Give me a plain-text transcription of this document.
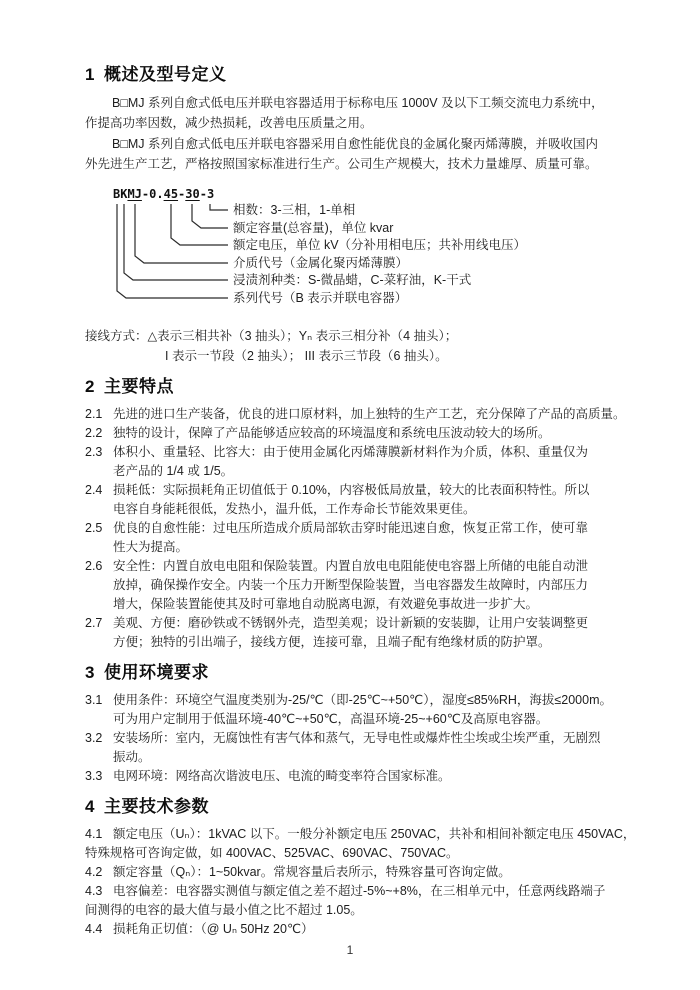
1 概述及型号定义
B□MJ 系列自愈式低电压并联电容器适用于标称电压 1000V 及以下工频交流电力系统中，
作提高功率因数，减少热损耗，改善电压质量之用。
B□MJ 系列自愈式低电压并联电容器采用自愈性能优良的金属化聚丙烯薄膜，并吸收国内
外先进生产工艺，严格按照国家标准进行生产。公司生产规模大，技术力量雄厚、质量可靠。
BKMJ-0.45-30-3
相数：3-三相，1-单相
额定容量(总容量)，单位 kvar
额定电压，单位 kV（分补用相电压；共补用线电压）
介质代号（金属化聚丙烯薄膜）
浸渍剂种类：S-微晶蜡，C-菜籽油，K-干式
系列代号（B 表示并联电容器）
接线方式：△表示三相共补（3 抽头）；Yₙ 表示三相分补（4 抽头）；
I 表示一节段（2 抽头）； III 表示三节段（6 抽头）。
2 主要特点
2.1 先进的进口生产装备，优良的进口原材料，加上独特的生产工艺，充分保障了产品的高质量。
2.2 独特的设计，保障了产品能够适应较高的环境温度和系统电压波动较大的场所。
2.3 体积小、重量轻、比容大：由于使用金属化丙烯薄膜新材料作为介质，体积、重量仅为
老产品的 1/4 或 1/5。
2.4 损耗低：实际损耗角正切值低于 0.10%，内容极低局放量，较大的比表面积特性。所以
电容自身能耗很低，发热小，温升低，工作寿命长节能效果更佳。
2.5 优良的自愈性能：过电压所造成介质局部软击穿时能迅速自愈，恢复正常工作，使可靠
性大为提高。
2.6 安全性：内置自放电电阻和保险装置。内置自放电电阻能使电容器上所储的电能自动泄
放掉，确保操作安全。内装一个压力开断型保险装置，当电容器发生故障时，内部压力
增大，保险装置能使其及时可靠地自动脱离电源，有效避免事故进一步扩大。
2.7 美观、方便：磨砂铁或不锈钢外壳，造型美观；设计新颖的安装脚，让用户安装调整更
方便；独特的引出端子，接线方便，连接可靠，且端子配有绝缘材质的防护罩。
3 使用环境要求
3.1 使用条件：环境空气温度类别为-25/℃（即-25℃~+50℃），湿度≤85%RH，海拔≤2000m。
可为用户定制用于低温环境-40℃~+50℃，高温环境-25~+60℃及高原电容器。
3.2 安装场所：室内，无腐蚀性有害气体和蒸气，无导电性或爆炸性尘埃或尘埃严重，无剧烈
振动。
3.3 电网环境：网络高次谐波电压、电流的畸变率符合国家标准。
4 主要技术参数
4.1 额定电压（Uₙ）：1kVAC 以下。一般分补额定电压 250VAC，共补和相间补额定电压 450VAC，
特殊规格可咨询定做，如 400VAC、525VAC、690VAC、750VAC。
4.2 额定容量（Qₙ）：1~50kvar。常规容量后表所示，特殊容量可咨询定做。
4.3 电容偏差：电容器实测值与额定值之差不超过-5%~+8%，在三相单元中，任意两线路端子
间测得的电容的最大值与最小值之比不超过 1.05。
4.4 损耗角正切值：（@ Uₙ 50Hz 20℃）
1
